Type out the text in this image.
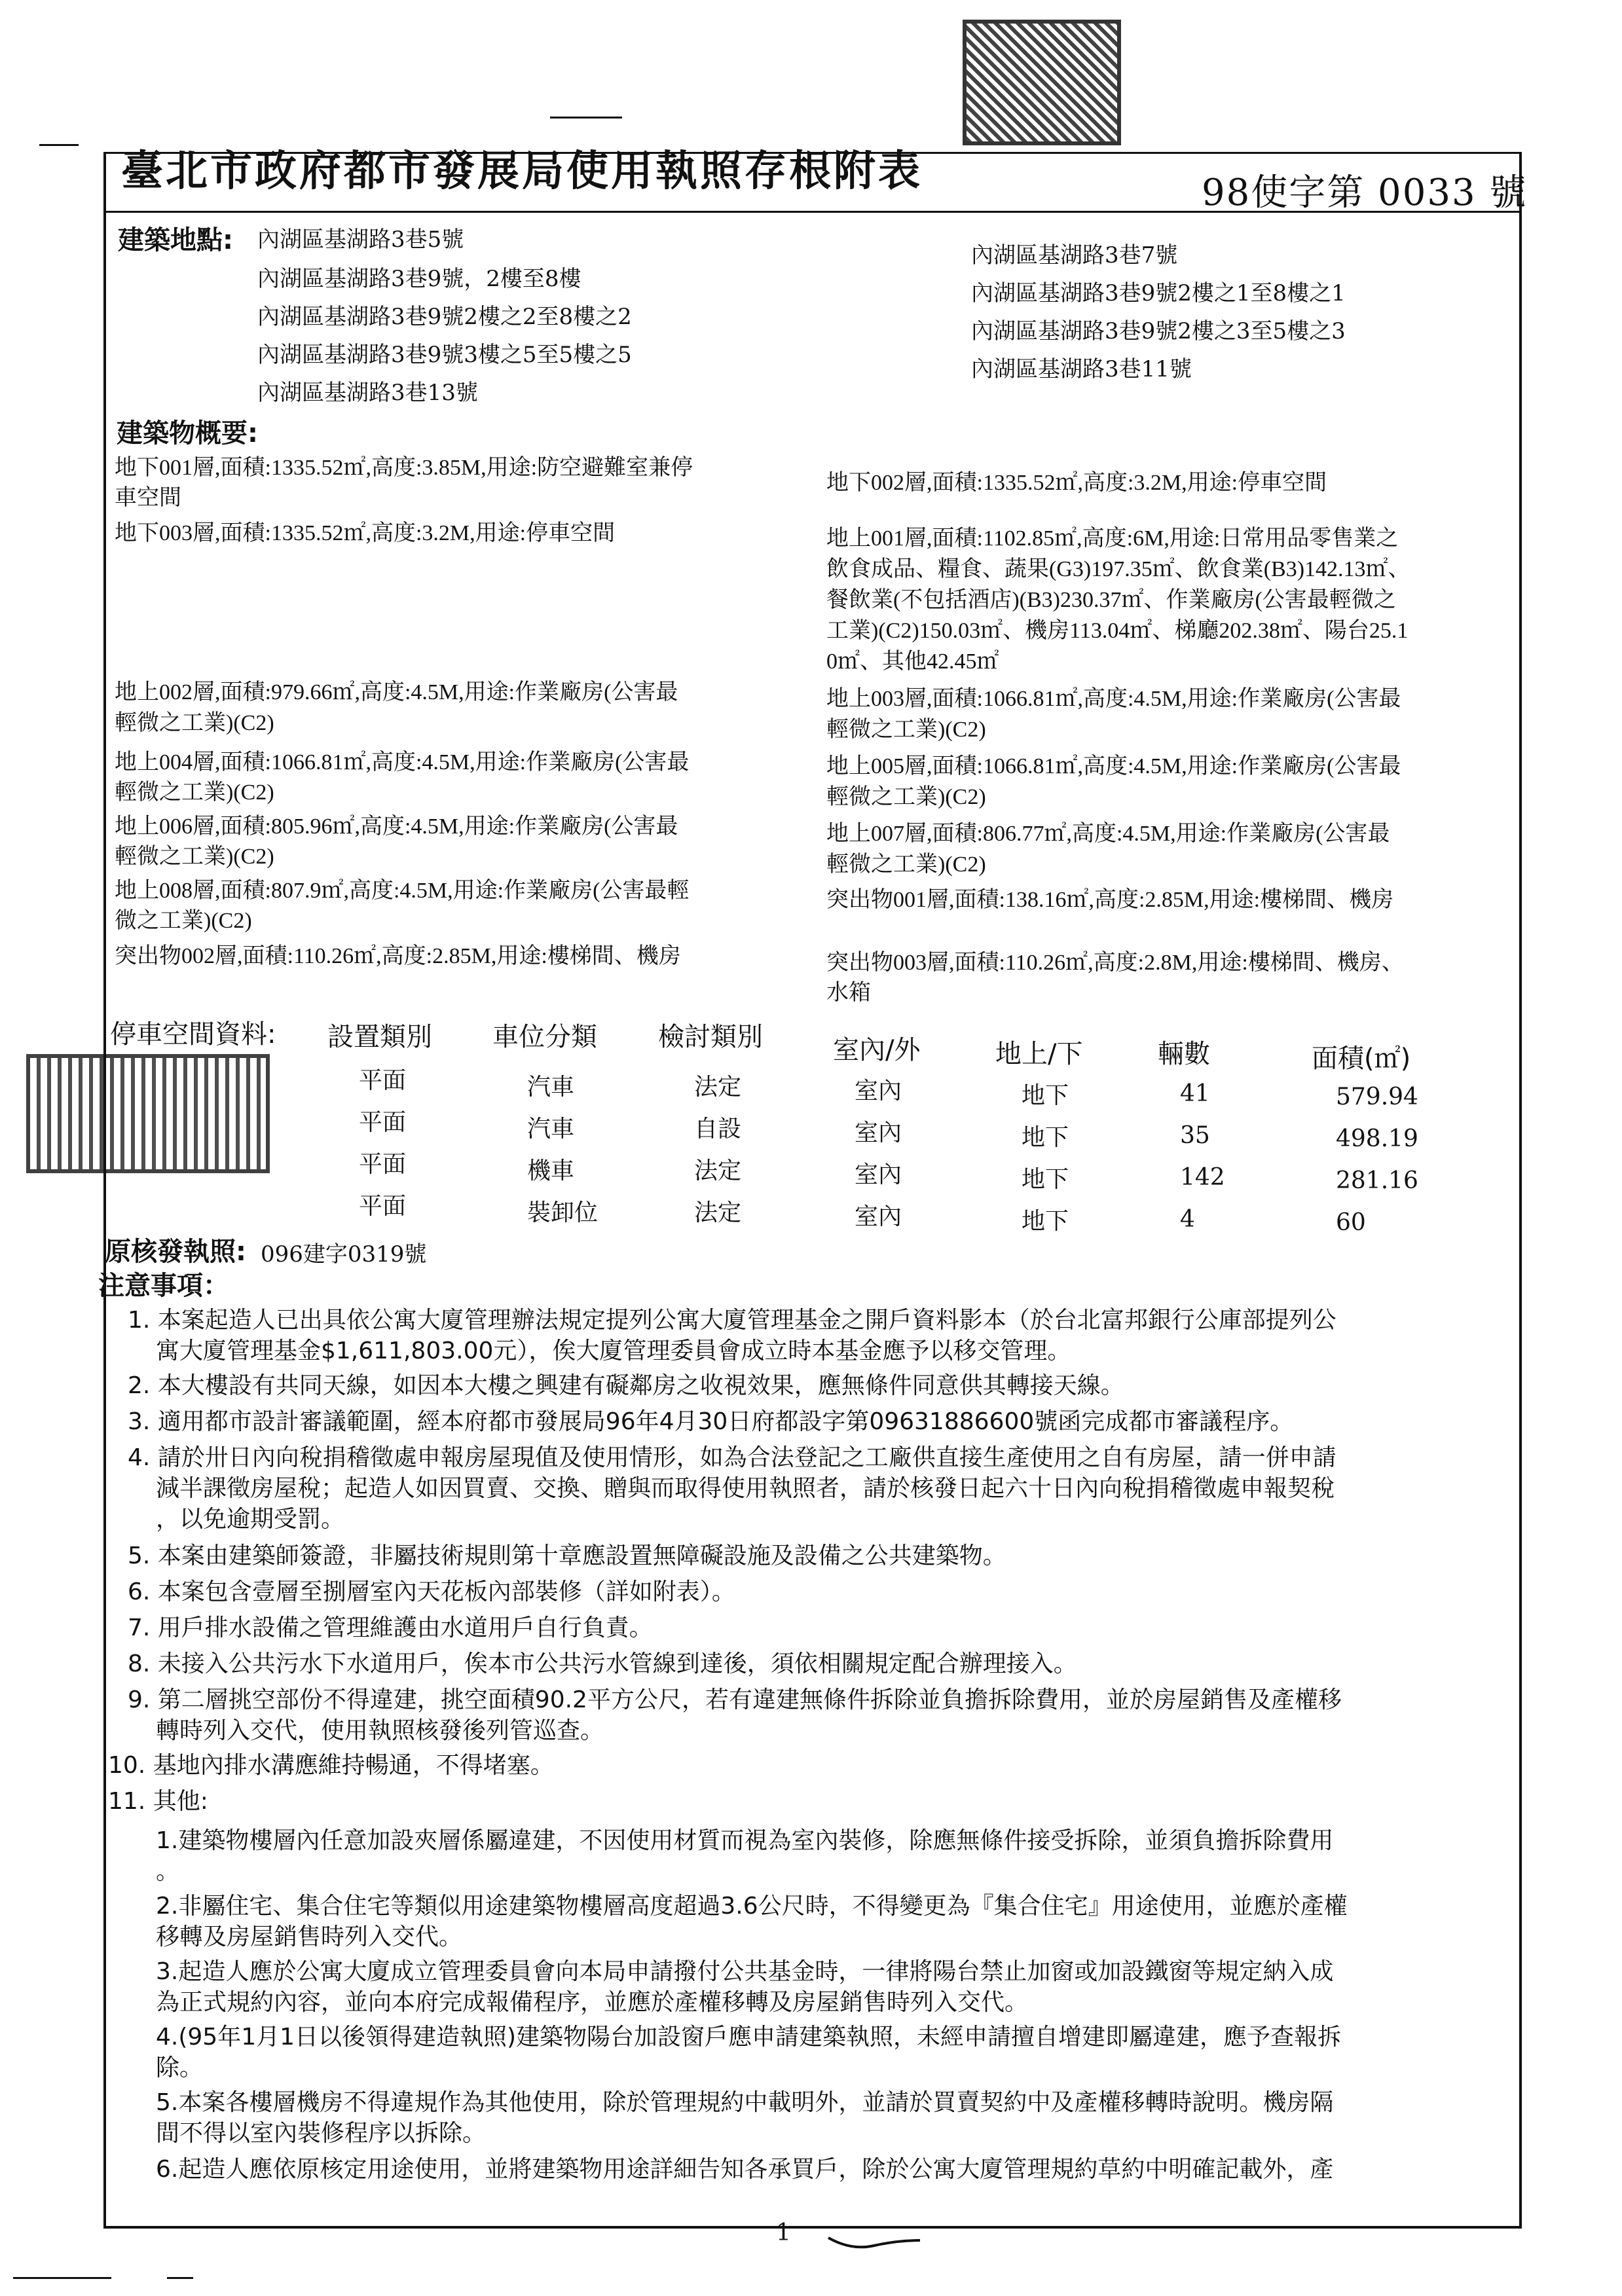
臺北市政府都市發展局使用執照存根附表	98使字第 0033 號
建築地點: 內湖區基湖路3巷5號
內湖區基湖路3巷9號，2樓至8樓
內湖區基湖路3巷9號2樓之2至8樓之2
內湖區基湖路3巷9號3樓之5至5樓之5
內湖區基湖路3巷13號
內湖區基湖路3巷7號
內湖區基湖路3巷9號2樓之1至8樓之1
內湖區基湖路3巷9號2樓之3至5樓之3
內湖區基湖路3巷11號
建築物概要:
地下001層,面積:1335.52㎡,高度:3.85M,用途:防空避難室兼停
車空間
地下003層,面積:1335.52㎡,高度:3.2M,用途:停車空間
地上002層,面積:979.66㎡,高度:4.5M,用途:作業廠房(公害最
輕微之工業)(C2)
地上004層,面積:1066.81㎡,高度:4.5M,用途:作業廠房(公害最
輕微之工業)(C2)
地上006層,面積:805.96㎡,高度:4.5M,用途:作業廠房(公害最
輕微之工業)(C2)
地上008層,面積:807.9㎡,高度:4.5M,用途:作業廠房(公害最輕
微之工業)(C2)
突出物002層,面積:110.26㎡,高度:2.85M,用途:樓梯間、機房
地下002層,面積:1335.52㎡,高度:3.2M,用途:停車空間
地上001層,面積:1102.85㎡,高度:6M,用途:日常用品零售業之
飲食成品、糧食、蔬果(G3)197.35㎡、飲食業(B3)142.13㎡、
餐飲業(不包括酒店)(B3)230.37㎡、作業廠房(公害最輕微之
工業)(C2)150.03㎡、機房113.04㎡、梯廳202.38㎡、陽台25.1
0㎡、其他42.45㎡
地上003層,面積:1066.81㎡,高度:4.5M,用途:作業廠房(公害最
輕微之工業)(C2)
地上005層,面積:1066.81㎡,高度:4.5M,用途:作業廠房(公害最
輕微之工業)(C2)
地上007層,面積:806.77㎡,高度:4.5M,用途:作業廠房(公害最
輕微之工業)(C2)
突出物001層,面積:138.16㎡,高度:2.85M,用途:樓梯間、機房
突出物003層,面積:110.26㎡,高度:2.8M,用途:樓梯間、機房、
水箱
停車空間資料: 設置類別 車位分類 檢討類別	室內/外	地上/下	輛數	面積(㎡)
平面	汽車	法定	室內	地下	41	579.94
平面	汽車	自設	室內	地下	35	498.19
平面	機車	法定	室內	地下	142	281.16
平面	裝卸位	法定	室內	地下	4	60
原核發執照: 096建字0319號
注意事項：
1. 本案起造人已出具依公寓大廈管理辦法規定提列公寓大廈管理基金之開戶資料影本（於台北富邦銀行公庫部提列公
寓大廈管理基金$1,611,803.00元），俟大廈管理委員會成立時本基金應予以移交管理。
2. 本大樓設有共同天線，如因本大樓之興建有礙鄰房之收視效果，應無條件同意供其轉接天線。
3. 適用都市設計審議範圍，經本府都市發展局96年4月30日府都設字第09631886600號函完成都市審議程序。
4. 請於卅日內向稅捐稽徵處申報房屋現值及使用情形，如為合法登記之工廠供直接生產使用之自有房屋，請一併申請
減半課徵房屋稅；起造人如因買賣、交換、贈與而取得使用執照者，請於核發日起六十日內向稅捐稽徵處申報契稅
，以免逾期受罰。
5. 本案由建築師簽證，非屬技術規則第十章應設置無障礙設施及設備之公共建築物。
6. 本案包含壹層至捌層室內天花板內部裝修（詳如附表）。
7. 用戶排水設備之管理維護由水道用戶自行負責。
8. 未接入公共污水下水道用戶，俟本市公共污水管線到達後，須依相關規定配合辦理接入。
9. 第二層挑空部份不得違建，挑空面積90.2平方公尺，若有違建無條件拆除並負擔拆除費用，並於房屋銷售及產權移
轉時列入交代，使用執照核發後列管巡查。
10. 基地內排水溝應維持暢通，不得堵塞。
11. 其他:
1.建築物樓層內任意加設夾層係屬違建，不因使用材質而視為室內裝修，除應無條件接受拆除，並須負擔拆除費用
。
2.非屬住宅、集合住宅等類似用途建築物樓層高度超過3.6公尺時，不得變更為『集合住宅』用途使用，並應於產權
移轉及房屋銷售時列入交代。
3.起造人應於公寓大廈成立管理委員會向本局申請撥付公共基金時，一律將陽台禁止加窗或加設鐵窗等規定納入成
為正式規約內容，並向本府完成報備程序，並應於產權移轉及房屋銷售時列入交代。
4.(95年1月1日以後領得建造執照)建築物陽台加設窗戶應申請建築執照，未經申請擅自增建即屬違建，應予查報拆
除。
5.本案各樓層機房不得違規作為其他使用，除於管理規約中載明外，並請於買賣契約中及產權移轉時說明。機房隔
間不得以室內裝修程序以拆除。
6.起造人應依原核定用途使用，並將建築物用途詳細告知各承買戶，除於公寓大廈管理規約草約中明確記載外，產
1
